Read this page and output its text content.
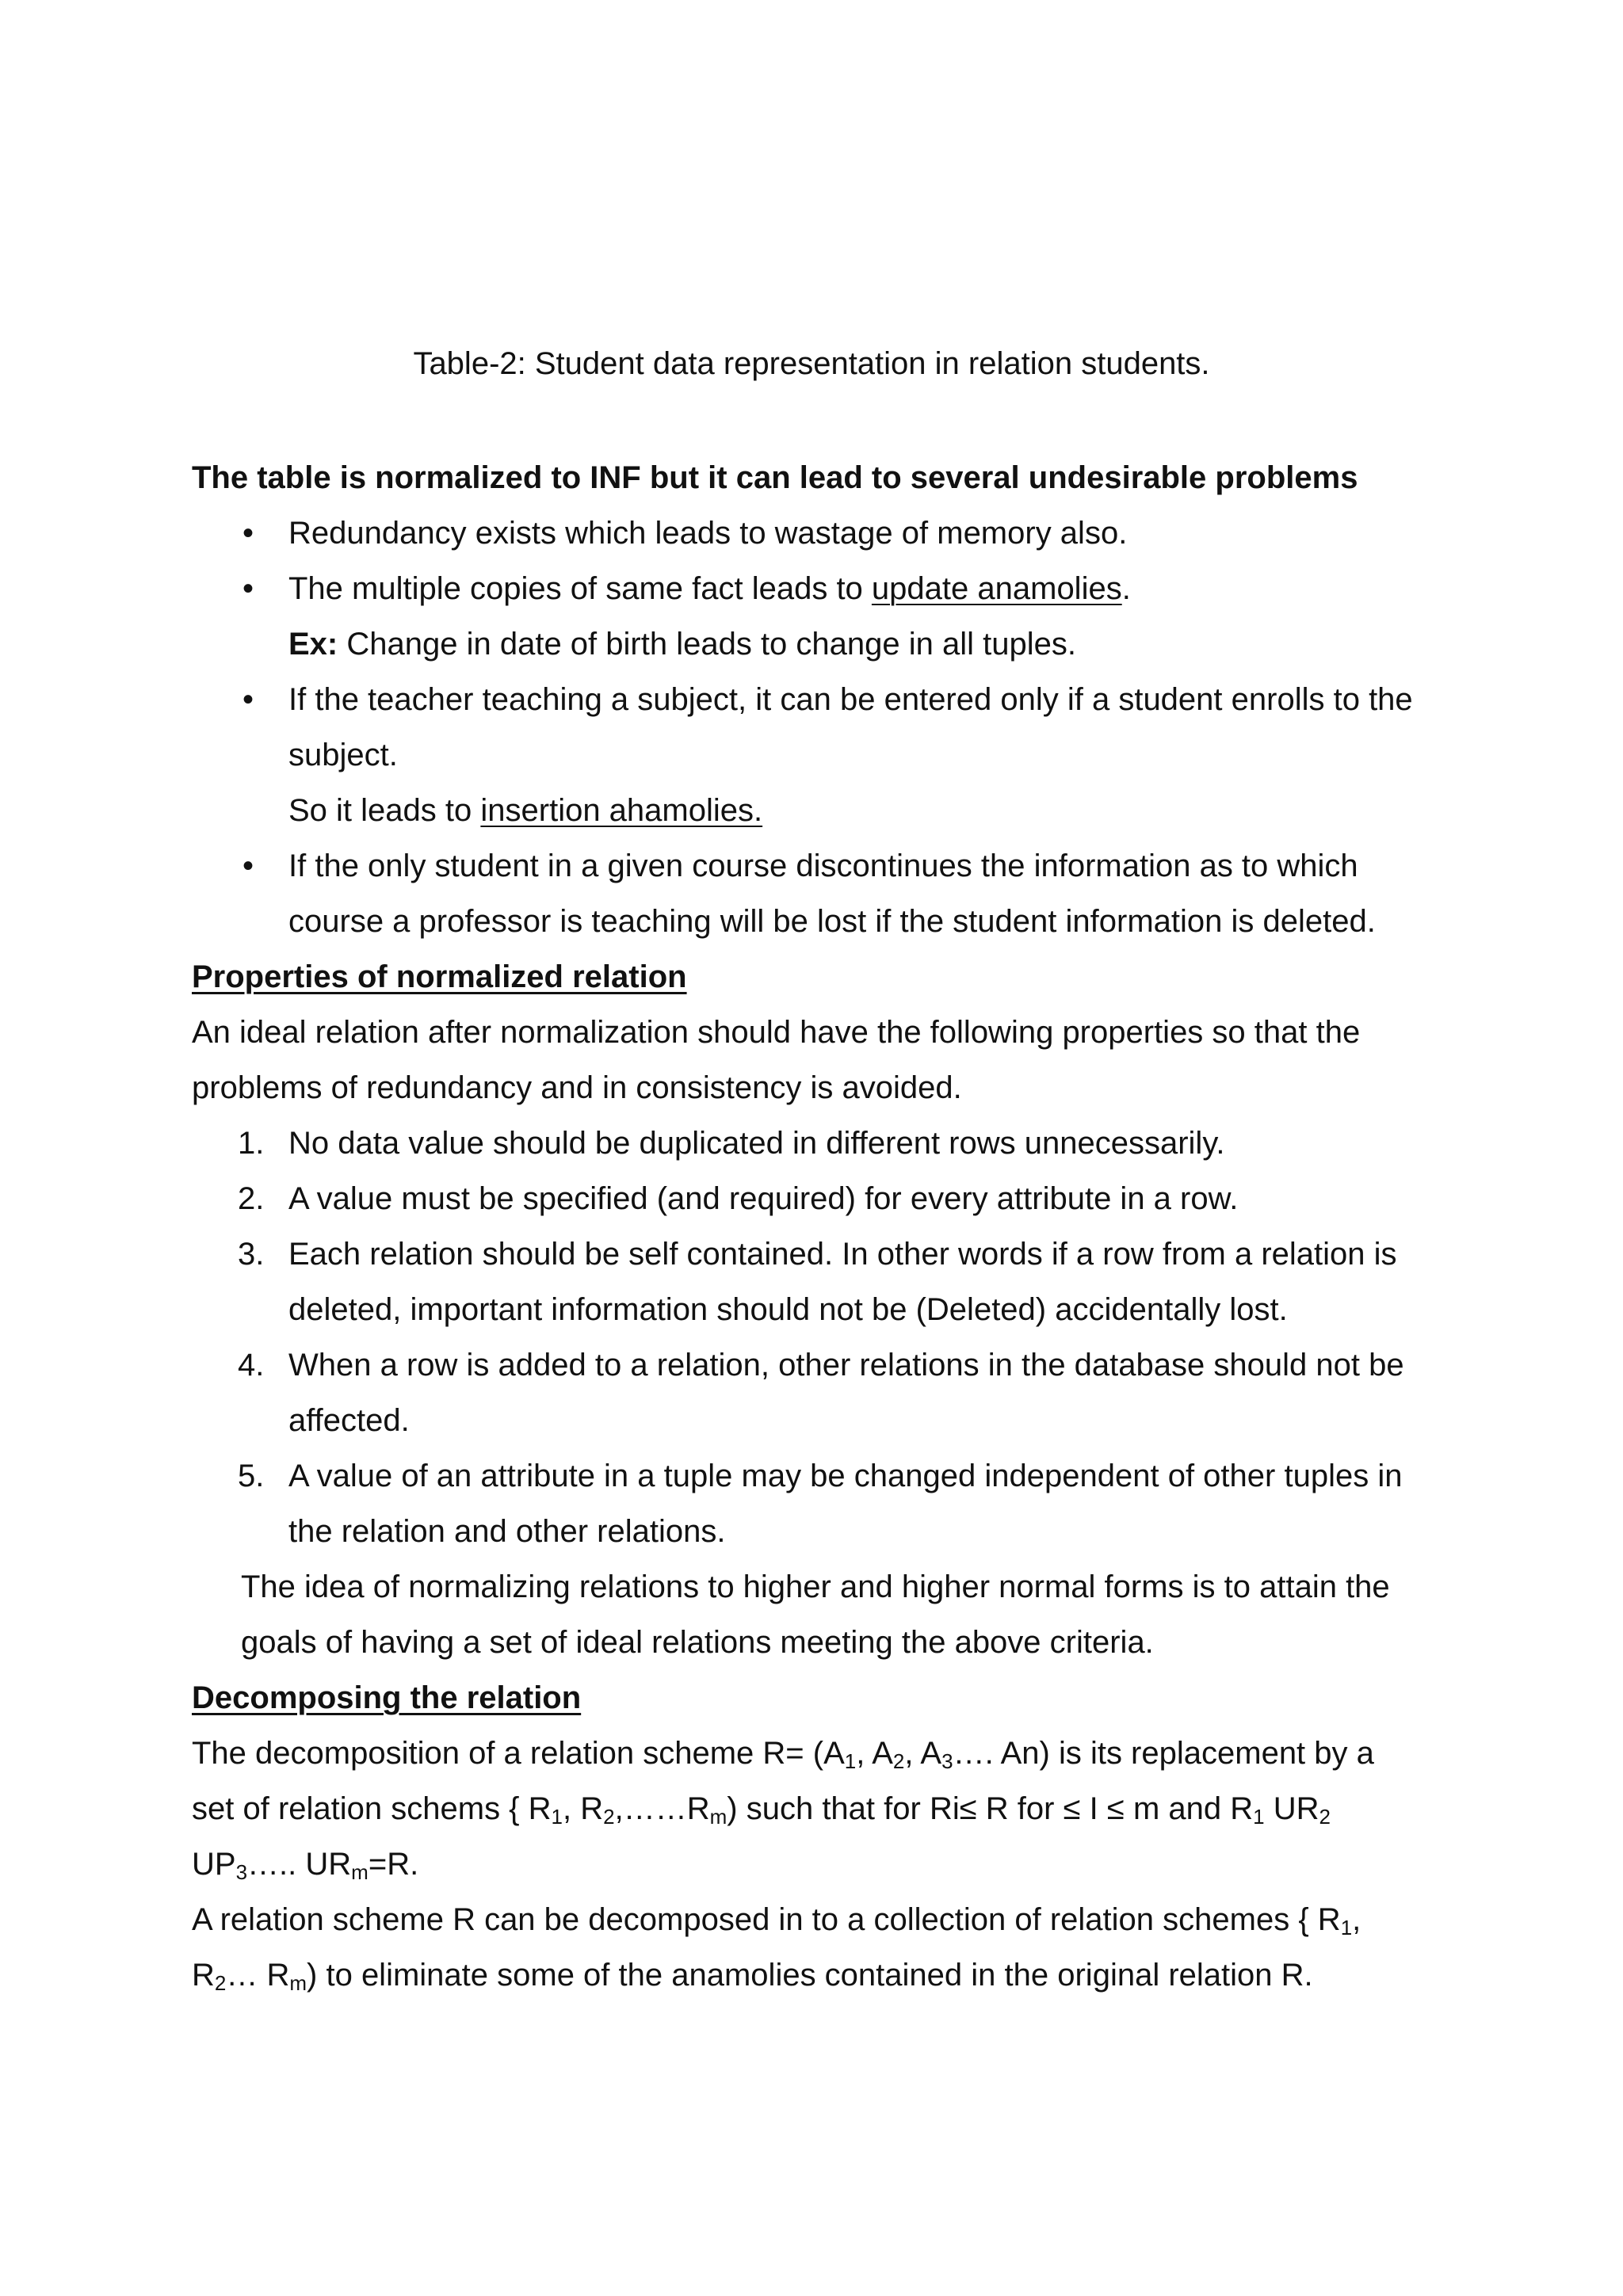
Table-2: Student data representation in relation students.
The table is normalized to INF but it can lead to several undesirable problems
•	Redundancy exists which leads to wastage of memory also.
•	The multiple copies of same fact leads to update anamolies.
Ex: Change in date of birth leads to change in all tuples.
•	If the teacher teaching a subject, it can be entered only if a student enrolls to the
subject.
So it leads to insertion ahamolies.
•	If the only student in a given course discontinues the information as to which
course a professor is teaching will be lost if the student information is deleted.
Properties of normalized relation
An ideal relation after normalization should have the following properties so that the
problems of redundancy and in consistency is avoided.
1. No data value should be duplicated in different rows unnecessarily.
2. A value must be specified (and required) for every attribute in a row.
3. Each relation should be self contained. In other words if a row from a relation is
deleted, important information should not be (Deleted) accidentally lost.
4. When a row is added to a relation, other relations in the database should not be
affected.
5. A value of an attribute in a tuple may be changed independent of other tuples in
the relation and other relations.
The idea of normalizing relations to higher and higher normal forms is to attain the
goals of having a set of ideal relations meeting the above criteria.
Decomposing the relation
The decomposition of a relation scheme $R= (A_1$, $A_2$, $A_3\dots$. An) is its replacement by a
set of relation schems { $R_1$, $R_2,\dots\dots R_m$) such that for Ri≤ R for ≤ I ≤ m and $R_1$ $UR_2$
$UP_3\dots$.. $UR_m=R$.
A relation scheme R can be decomposed in to a collection of relation schemes { $R_1$,
$R_2\dots$ $R_m$) to eliminate some of the anamolies contained in the original relation R.
